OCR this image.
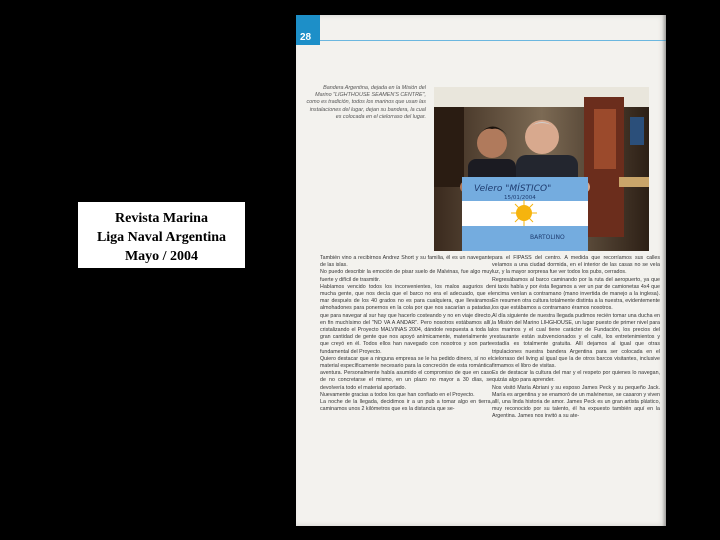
Revista Marina
Liga Naval Argentina
Mayo / 2004
28
Bandera Argentina, dejada en la Misión del Marino "LIGHTHOUSE SEAMEN'S CENTRE", como es tradición, todos los marinos que usan las instalaciones del lugar, dejan su bandera, la cual es colocada en el cielorraso del lugar.
Velero "MÍSTICO"
15/01/2004
BARTOLINO

También vino a recibirnos Andrez Short y su familia, él es un navegante de las islas.

No puedo describir la emoción de pisar suelo de Malvinas, fue algo muy fuerte y difícil de trasmitir.

Habíamos vencido todos los inconvenientes, los malos augurios de mucha gente, que nos decía que el barco no era el adecuado, que el mar después de los 40 grados no es para cualquiera, que lleváramos almohadones para ponernos en la cola por que nos sacarían a patadas, que para navegar al sur hay que hacerlo costeando y no en viaje directo, en fin muchísimo del "NO VA A ANDAR". Pero nosotros estábamos allí, cristalizando el Proyecto MALVINAS 2004, dándole respuesta a toda la gran cantidad de gente que nos apoyó anímicamente, materialmente y que creyó en él. Todos ellos han navegado con nosotros y son parte fundamental del Proyecto.

Quiero destacar que a ninguna empresa se le ha pedido dinero, sí no el material específicamente necesario para la concreción de esta romántica aventura. Personalmente había asumido el compromiso de que en caso de no concretarse el mismo, en un plazo no mayor a 30 días, se devolvería todo el material aportado.

Nuevamente gracias a todos los que han confiado en el Proyecto.

La noche de la llegada, decidimos ir a un pub a tomar algo en tierra, caminamos unos 2 kilómetros que es la distancia que se-

para el FIPASS del centro. A medida que recorríamos sus calles veíamos a una ciudad dormida, en el interior de las casas no se veía luz, y la mayor sorpresa fue ver todos los pubs, cerrados.

Regresábamos al barco caminando por la ruta del aeropuerto, ya que ni taxis había y por ésta llegamos a ver un par de camionetas 4x4 que encima venían a contramano (mano invertida de manejo a la inglesa). En resumen otra cultura totalmente distinta a la nuestra, evidentemente los que estábamos a contramano éramos nosotros.

Al día siguiente de nuestra llegada pudimos recién tomar una ducha en la Misión del Marino LIHGHOUSE, un lugar puesto de primer nivel para los marinos y el cual tiene carácter de Fundación, los precios del restaurante están subvencionados y el café, los entretenimientos y estadía es totalmente gratuita. Allí dejamos al igual que otras tripulaciones nuestra bandera Argentina para ser colocada en el cielorraso del living al igual que la de otros barcos visitantes, inclusive firmamos el libro de visitas.

Es de destacar la cultura del mar y el respeto por quienes lo navegan, quizás algo para aprender.

Nos visitó María Abriani y su esposo James Peck y su pequeño Jack. María es argentina y se enamoró de un malvinense, se casaron y viven allí, una linda historia de amor. James Peck es un gran artista plástico, muy reconocido por su talento, él ha expuesto también aquí en la Argentina. James nos invitó a su ate-
